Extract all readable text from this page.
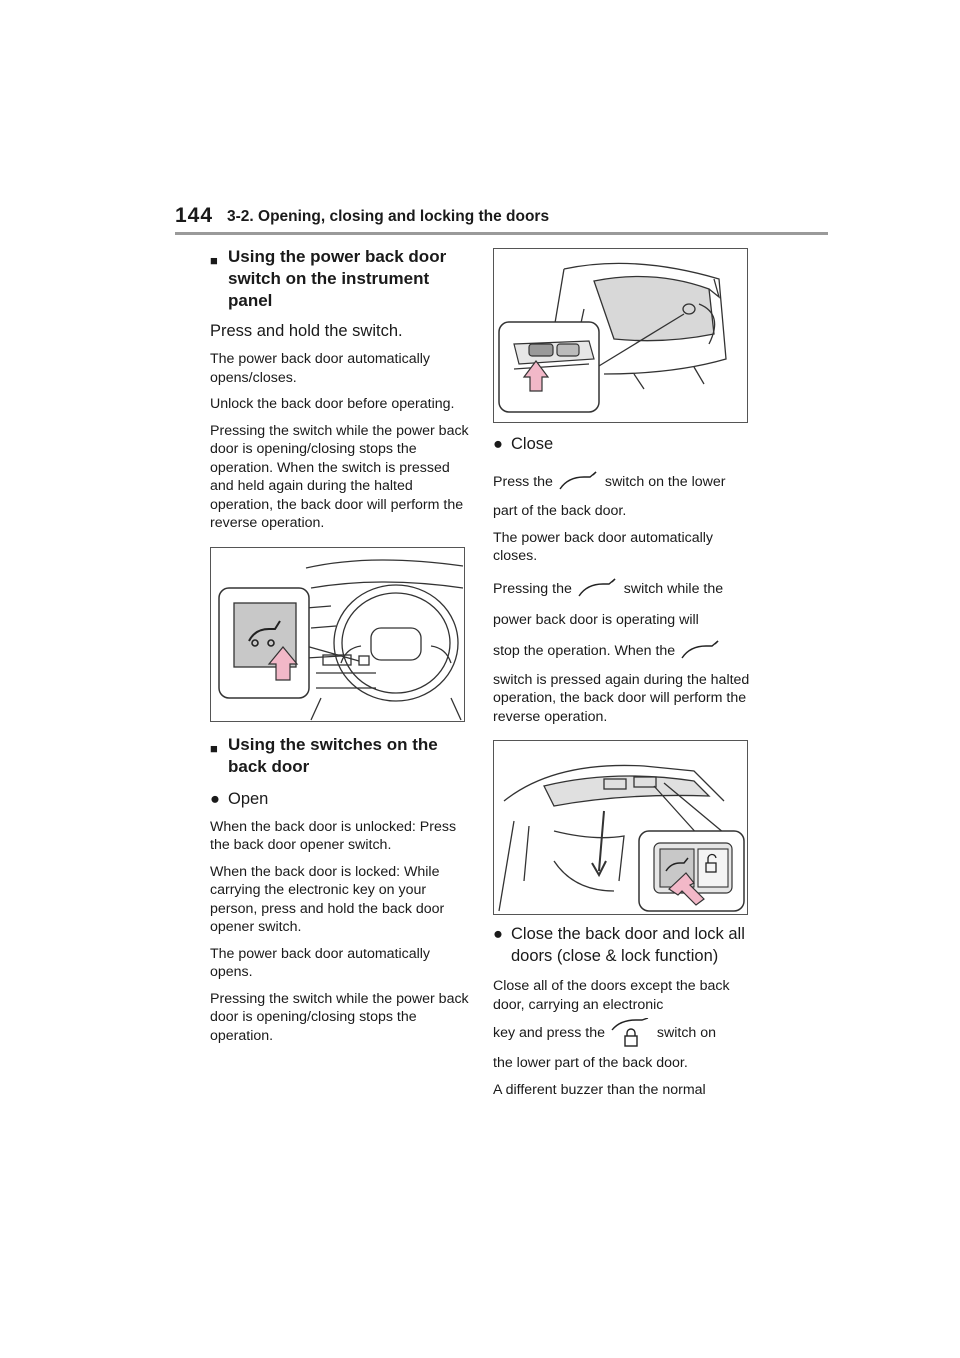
144 3-2. Opening, closing and locking the doors
■ Using the power back door switch on the instrument panel
Press and hold the switch.
The power back door automatically opens/closes.
Unlock the back door before operating.
Pressing the switch while the power back door is opening/closing stops the operation. When the switch is pressed and held again during the halted operation, the back door will perform the reverse operation.
■ Using the switches on the back door
● Open
When the back door is unlocked: Press the back door opener switch.
When the back door is locked: While carrying the electronic key on your person, press and hold the back door opener switch.
The power back door automatically opens.
Pressing the switch while the power back door is opening/closing stops the operation.
● Close
Press the	switch on the lower
part of the back door.
The power back door automatically closes.
Pressing the	switch while the
power back door is operating will
stop the operation. When the
switch is pressed again during the halted operation, the back door will perform the reverse operation.
● Close the back door and lock all doors (close & lock function)
Close all of the doors except the back door, carrying an electronic
key and press the	switch on
the lower part of the back door.
A different buzzer than the normal
